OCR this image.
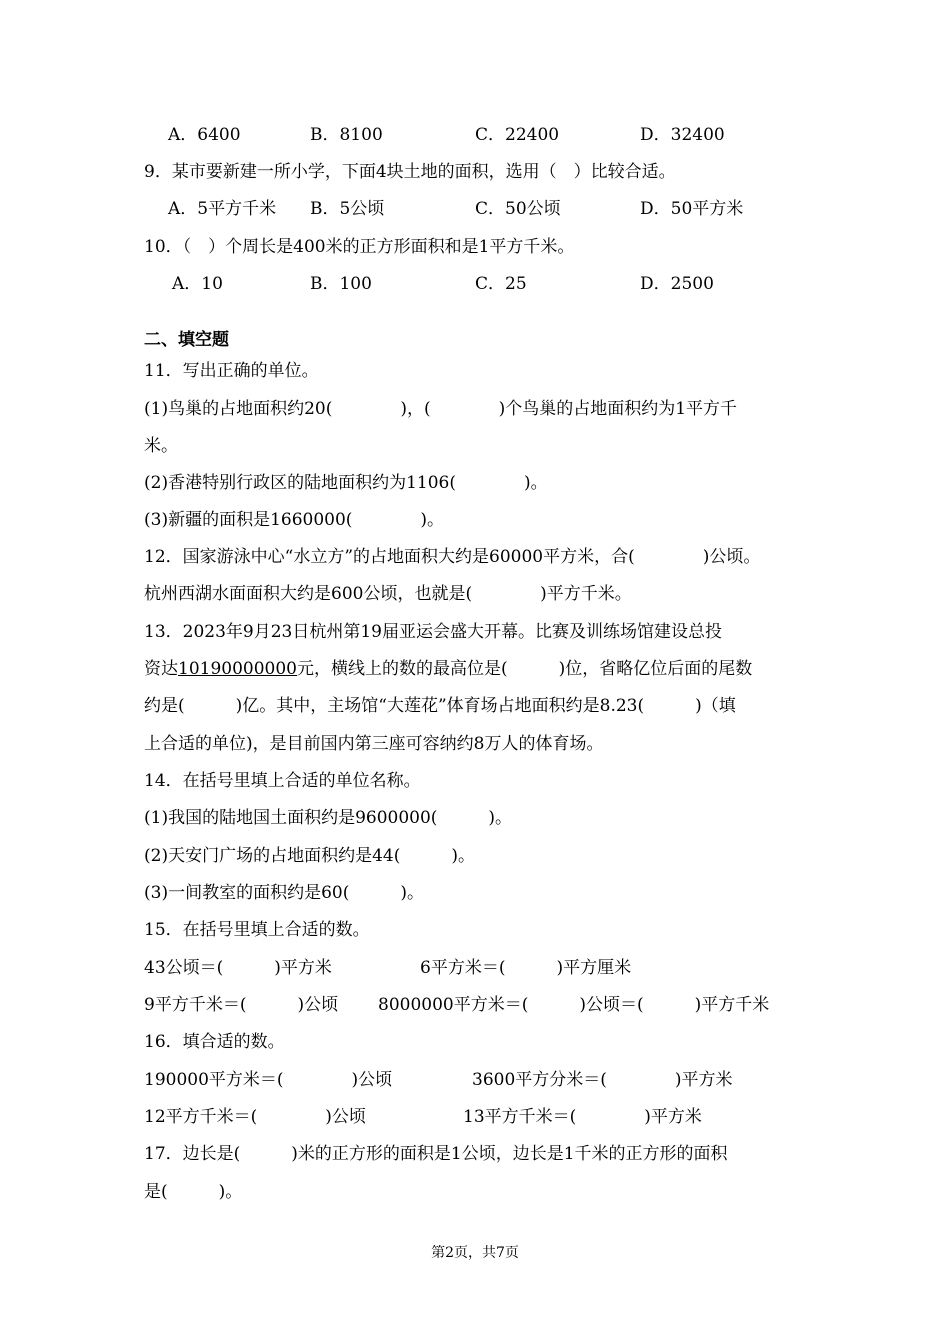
A．6400	B．8100	C．22400	D．32400
9．某市要新建一所小学，下面4块土地的面积，选用（　）比较合适。
A．5平方千米 B．5公顷	C．50公顷	D．50平方米
10．（　）个周长是400米的正方形面积和是1平方千米。
A．10	B．100	C．25	D．2500
二、填空题
11．写出正确的单位。
(1)鸟巢的占地面积约20(　　　　)，(　　　　)个鸟巢的占地面积约为1平方千
米。
(2)香港特别行政区的陆地面积约为1106(　　　　)。
(3)新疆的面积是1660000(　　　　)。
12．国家游泳中心“水立方”的占地面积大约是60000平方米，合(　　　　)公顷。
杭州西湖水面面积大约是600公顷，也就是(　　　　)平方千米。
13．2023年9月23日杭州第19届亚运会盛大开幕。比赛及训练场馆建设总投
资达10190000000元，横线上的数的最高位是(　　　)位，省略亿位后面的尾数
约是(　　　)亿。其中，主场馆“大莲花”体育场占地面积约是8.23(　　　)（填
上合适的单位)，是目前国内第三座可容纳约8万人的体育场。
14．在括号里填上合适的单位名称。
(1)我国的陆地国土面积约是9600000(　　　)。
(2)天安门广场的占地面积约是44(　　　)。
(3)一间教室的面积约是60(　　　)。
15．在括号里填上合适的数。
43公顷＝(　　　)平方米	6平方米＝(　　　)平方厘米
9平方千米＝(　　　)公顷 8000000平方米＝(　　　)公顷＝(　　　)平方千米
16．填合适的数。
190000平方米＝(　　　　)公顷	3600平方分米＝(　　　　)平方米
12平方千米＝(　　　　)公顷	13平方千米＝(　　　　)平方米
17．边长是(　　　)米的正方形的面积是1公顷，边长是1千米的正方形的面积
是(　　　)。
第2页，共7页
